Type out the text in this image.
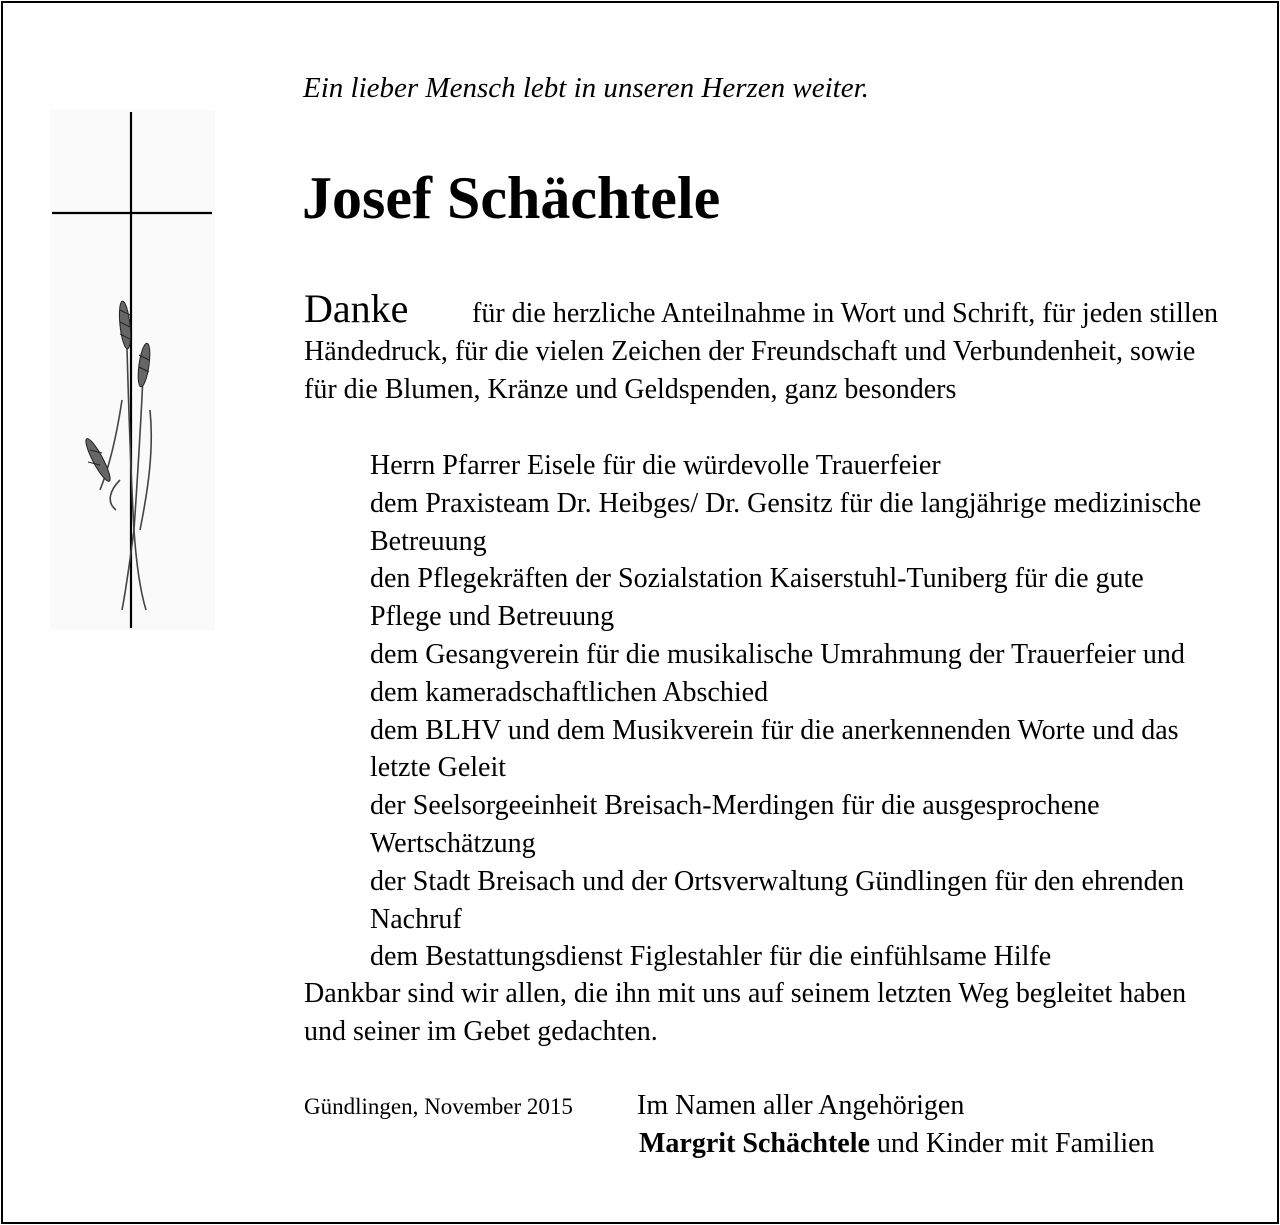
Ein lieber Mensch lebt in unseren Herzen weiter.

Josef Schächtele

Danke für die herzliche Anteilnahme in Wort und Schrift, für jeden stillen Händedruck, für die vielen Zeichen der Freundschaft und Verbundenheit, sowie für die Blumen, Kränze und Geldspenden, ganz besonders

Herrn Pfarrer Eisele für die würdevolle Trauerfeier
dem Praxisteam Dr. Heibges/ Dr. Gensitz für die langjährige medizinische Betreuung
den Pflegekräften der Sozialstation Kaiserstuhl-Tuniberg für die gute Pflege und Betreuung
dem Gesangverein für die musikalische Umrahmung der Trauerfeier und dem kameradschaftlichen Abschied
dem BLHV und dem Musikverein für die anerkennenden Worte und das letzte Geleit
der Seelsorgeeinheit Breisach-Merdingen für die ausgesprochene Wertschätzung
der Stadt Breisach und der Ortsverwaltung Gündlingen für den ehrenden Nachruf
dem Bestattungsdienst Figlestahler für die einfühlsame Hilfe

Dankbar sind wir allen, die ihn mit uns auf seinem letzten Weg begleitet haben und seiner im Gebet gedachten.

Gündlingen, November 2015 Im Namen aller Angehörigen

Margrit Schächtele und Kinder mit Familien
